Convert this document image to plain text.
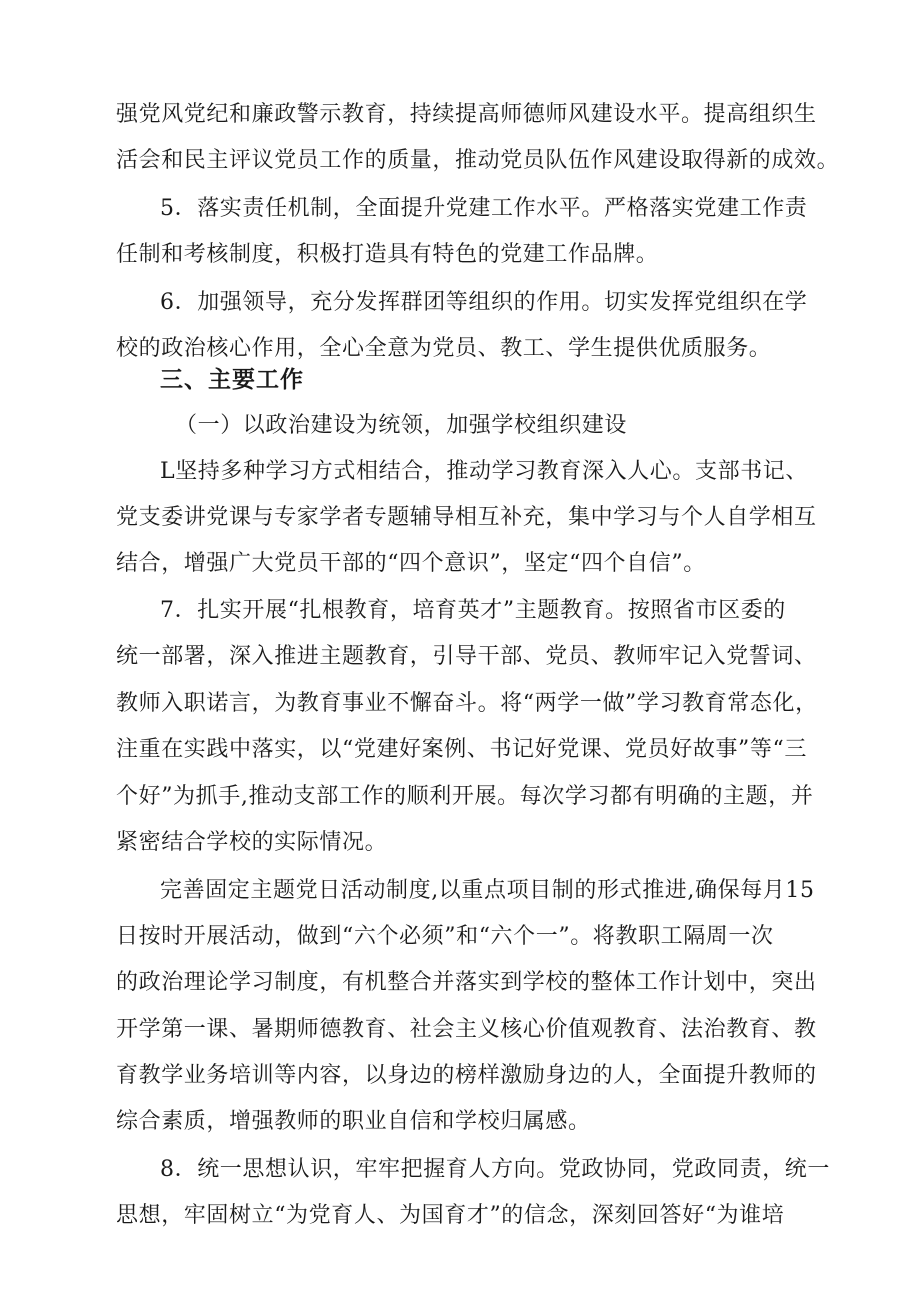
强党风党纪和廉政警示教育，持续提高师德师风建设水平。提高组织生
活会和民主评议党员工作的质量，推动党员队伍作风建设取得新的成效。
5．落实责任机制，全面提升党建工作水平。严格落实党建工作责
任制和考核制度，积极打造具有特色的党建工作品牌。
6．加强领导，充分发挥群团等组织的作用。切实发挥党组织在学
校的政治核心作用，全心全意为党员、教工、学生提供优质服务。
三、主要工作
（一）以政治建设为统领，加强学校组织建设
L坚持多种学习方式相结合，推动学习教育深入人心。支部书记、
党支委讲党课与专家学者专题辅导相互补充，集中学习与个人自学相互
结合，增强广大党员干部的“四个意识”，坚定“四个自信”。
7．扎实开展“扎根教育，培育英才”主题教育。按照省市区委的
统一部署，深入推进主题教育，引导干部、党员、教师牢记入党誓词、
教师入职诺言，为教育事业不懈奋斗。将“两学一做”学习教育常态化，
注重在实践中落实，以“党建好案例、书记好党课、党员好故事”等“三
个好”为抓手,推动支部工作的顺利开展。每次学习都有明确的主题，并
紧密结合学校的实际情况。
完善固定主题党日活动制度,以重点项目制的形式推进,确保每月15
日按时开展活动，做到“六个必须”和“六个一”。将教职工隔周一次
的政治理论学习制度，有机整合并落实到学校的整体工作计划中，突出
开学第一课、暑期师德教育、社会主义核心价值观教育、法治教育、教
育教学业务培训等内容，以身边的榜样激励身边的人，全面提升教师的
综合素质，增强教师的职业自信和学校归属感。
8．统一思想认识，牢牢把握育人方向。党政协同，党政同责，统一
思想，牢固树立“为党育人、为国育才”的信念，深刻回答好“为谁培
